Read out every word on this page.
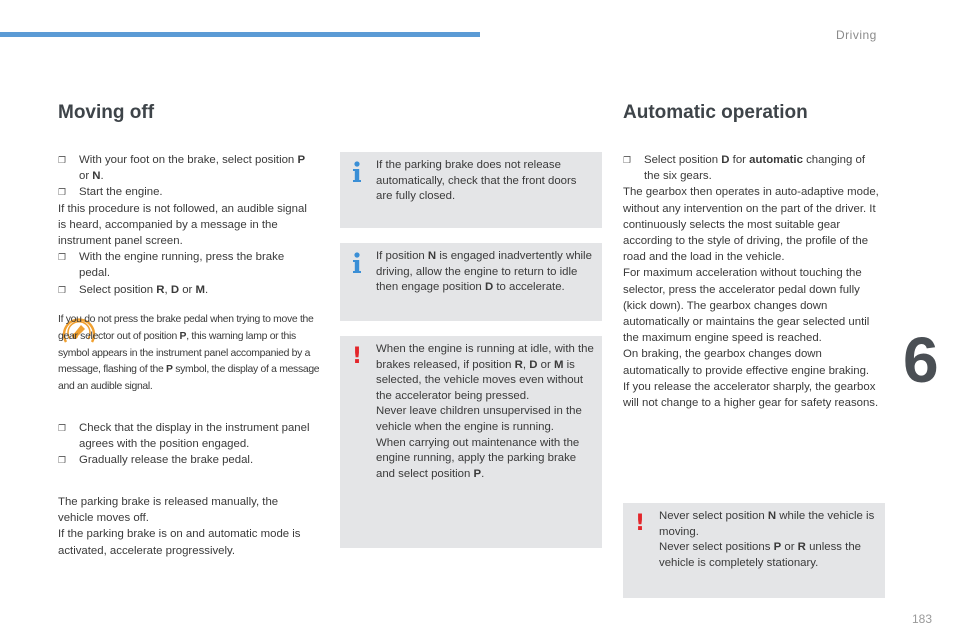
Driving
6
183
Moving off

❐ With your foot on the brake, select position P or N.

❐ Start the engine.

If this procedure is not followed, an audible signal is heard, accompanied by a message in the instrument panel screen.

❐ With the engine running, press the brake pedal.

❐ Select position R, D or M.

If you do not press the brake pedal when trying to move the gear selector out of position P, this warning lamp or this symbol appears in the instrument panel accompanied by a message, flashing of the P symbol, the display of a message and an audible signal.

❐ Check that the display in the instrument panel agrees with the position engaged.

❐ Gradually release the brake pedal.

The parking brake is released manually, the vehicle moves off.

If the parking brake is on and automatic mode is activated, accelerate progressively.

If the parking brake does not release automatically, check that the front doors are fully closed.

If position N is engaged inadvertently while driving, allow the engine to return to idle then engage position D to accelerate.

! When the engine is running at idle, with the brakes released, if position R, D or M is selected, the vehicle moves even without the accelerator being pressed.

Never leave children unsupervised in the vehicle when the engine is running.

When carrying out maintenance with the engine running, apply the parking brake and select position P.

Automatic operation

❐ Select position D for automatic changing of the six gears.

The gearbox then operates in auto-adaptive mode, without any intervention on the part of the driver. It continuously selects the most suitable gear according to the style of driving, the profile of the road and the load in the vehicle.

For maximum acceleration without touching the selector, press the accelerator pedal down fully (kick down). The gearbox changes down automatically or maintains the gear selected until the maximum engine speed is reached.

On braking, the gearbox changes down automatically to provide effective engine braking.

If you release the accelerator sharply, the gearbox will not change to a higher gear for safety reasons.

! Never select position N while the vehicle is moving.

Never select positions P or R unless the vehicle is completely stationary.
